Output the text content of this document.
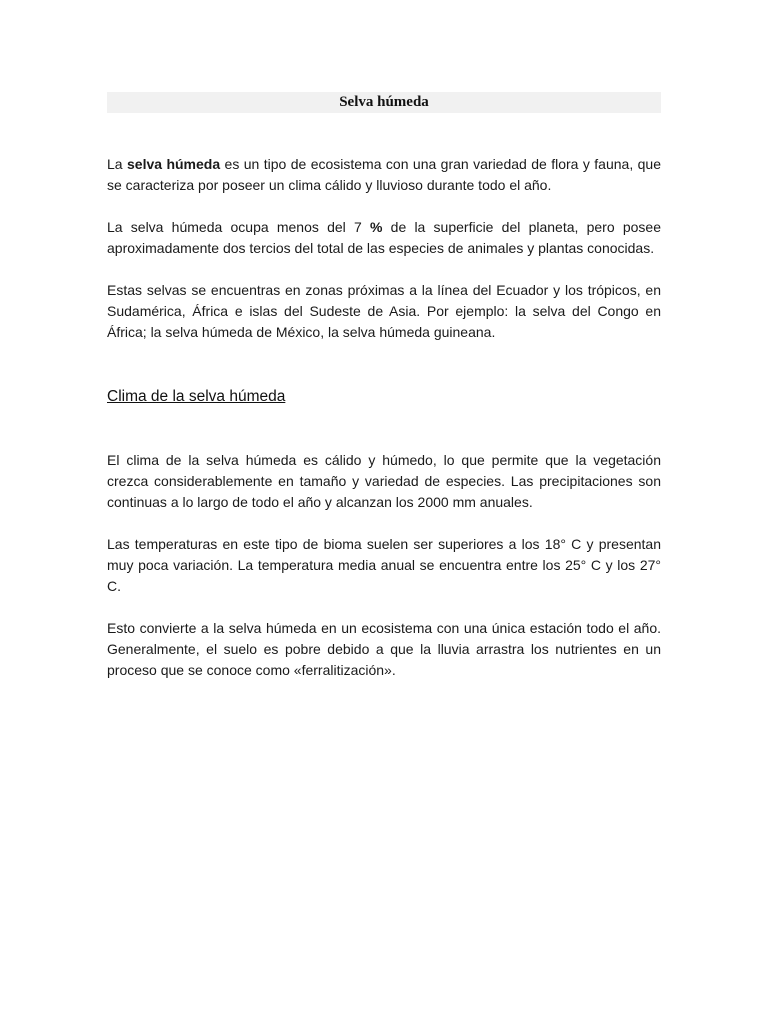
Selva húmeda

La selva húmeda es un tipo de ecosistema con una gran variedad de flora y fauna, que se caracteriza por poseer un clima cálido y lluvioso durante todo el año.

La selva húmeda ocupa menos del 7 % de la superficie del planeta, pero posee aproximadamente dos tercios del total de las especies de animales y plantas conocidas.

Estas selvas se encuentras en zonas próximas a la línea del Ecuador y los trópicos, en Sudamérica, África e islas del Sudeste de Asia. Por ejemplo: la selva del Congo en África; la selva húmeda de México, la selva húmeda guineana.

Clima de la selva húmeda

El clima de la selva húmeda es cálido y húmedo, lo que permite que la vegetación crezca considerablemente en tamaño y variedad de especies. Las precipitaciones son continuas a lo largo de todo el año y alcanzan los 2000 mm anuales.

Las temperaturas en este tipo de bioma suelen ser superiores a los 18° C y presentan muy poca variación. La temperatura media anual se encuentra entre los 25° C y los 27° C.

Esto convierte a la selva húmeda en un ecosistema con una única estación todo el año. Generalmente, el suelo es pobre debido a que la lluvia arrastra los nutrientes en un proceso que se conoce como «ferralitización».
